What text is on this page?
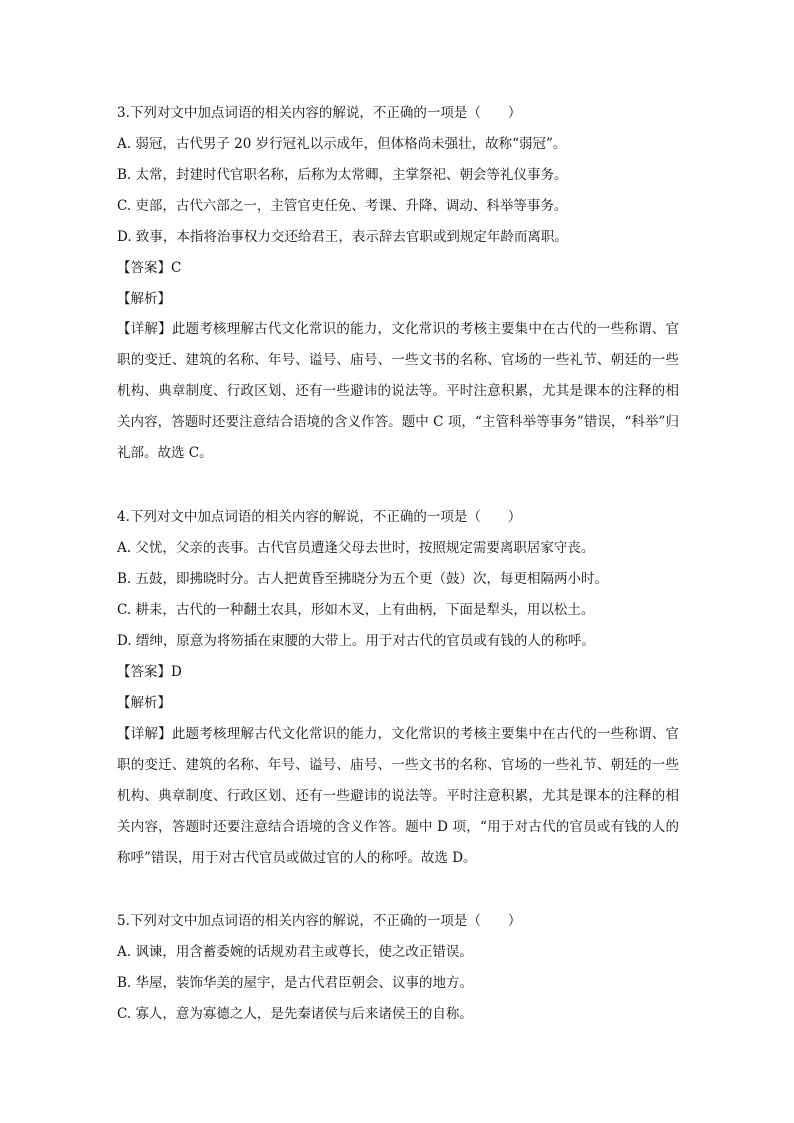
3.下列对文中加点词语的相关内容的解说，不正确的一项是（　　）
A. 弱冠，古代男子 20 岁行冠礼以示成年，但体格尚未强壮，故称“弱冠”。
B. 太常，封建时代官职名称，后称为太常卿，主掌祭祀、朝会等礼仪事务。
C. 吏部，古代六部之一，主管官吏任免、考课、升降、调动、科举等事务。
D. 致事，本指将治事权力交还给君王，表示辞去官职或到规定年龄而离职。
【答案】C
【解析】

【详解】此题考核理解古代文化常识的能力，文化常识的考核主要集中在古代的一些称谓、官职的变迁、建筑的名称、年号、谥号、庙号、一些文书的名称、官场的一些礼节、朝廷的一些机构、典章制度、行政区划、还有一些避讳的说法等。平时注意积累，尤其是课本的注释的相关内容，答题时还要注意结合语境的含义作答。题中 C 项，“主管科举等事务”错误，“科举”归礼部。故选 C。

4.下列对文中加点词语的相关内容的解说，不正确的一项是（　　）
A. 父忧，父亲的丧事。古代官员遭逢父母去世时，按照规定需要离职居家守丧。
B. 五鼓，即拂晓时分。古人把黄昏至拂晓分为五个更（鼓）次，每更相隔两小时。
C. 耕耒，古代的一种翻土农具，形如木叉，上有曲柄，下面是犁头，用以松土。
D. 缙绅，原意为将笏插在束腰的大带上。用于对古代的官员或有钱的人的称呼。
【答案】D
【解析】

【详解】此题考核理解古代文化常识的能力，文化常识的考核主要集中在古代的一些称谓、官职的变迁、建筑的名称、年号、谥号、庙号、一些文书的名称、官场的一些礼节、朝廷的一些机构、典章制度、行政区划、还有一些避讳的说法等。平时注意积累，尤其是课本的注释的相关内容，答题时还要注意结合语境的含义作答。题中 D 项，“用于对古代的官员或有钱的人的称呼”错误，用于对古代官员或做过官的人的称呼。故选 D。

5.下列对文中加点词语的相关内容的解说，不正确的一项是（　　）
A. 讽谏，用含蓄委婉的话规劝君主或尊长，使之改正错误。
B. 华屋，装饰华美的屋宇，是古代君臣朝会、议事的地方。
C. 寡人，意为寡德之人，是先秦诸侯与后来诸侯王的自称。
